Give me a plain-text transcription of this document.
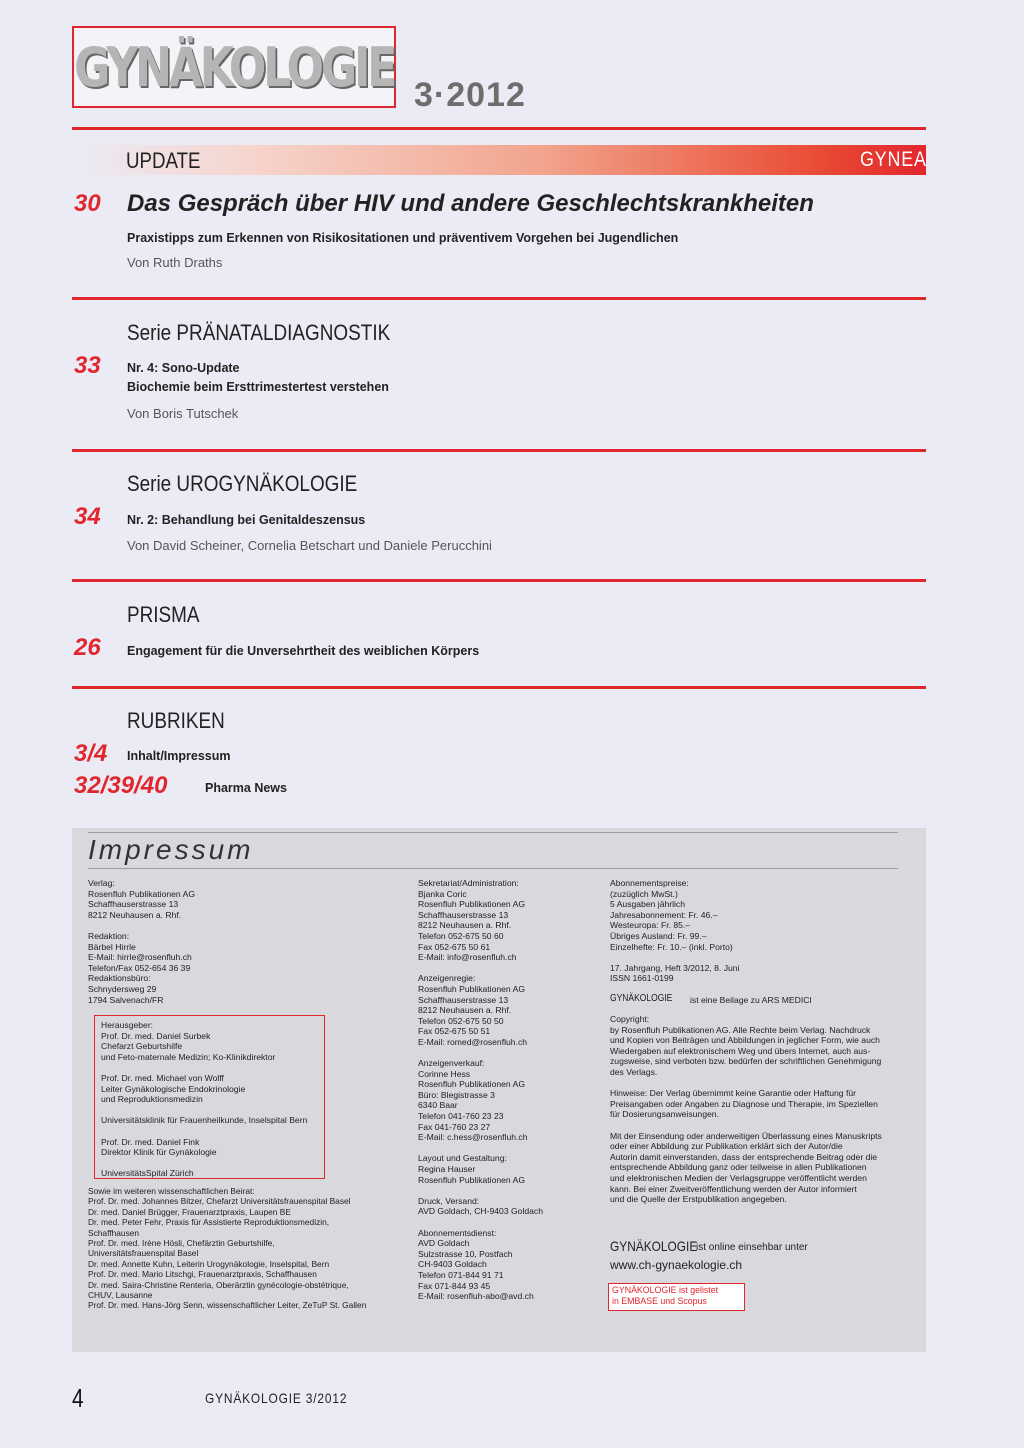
GYNÄKOLOGIE 3·2012
UPDATE	GYNEA
30 Das Gespräch über HIV und andere Geschlechtskrankheiten
Praxistipps zum Erkennen von Risikositationen und präventivem Vorgehen bei Jugendlichen
Von Ruth Draths
Serie PRÄNATALDIAGNOSTIK
33 Nr. 4: Sono-Update
Biochemie beim Ersttrimestertest verstehen
Von Boris Tutschek
Serie UROGYNÄKOLOGIE
34 Nr. 2: Behandlung bei Genitaldeszensus
Von David Scheiner, Cornelia Betschart und Daniele Perucchini
PRISMA
26 Engagement für die Unversehrtheit des weiblichen Körpers
RUBRIKEN
3/4 Inhalt/Impressum
32/39/40	Pharma News
Impressum
Verlag:
Rosenfluh Publikationen AG
Schaffhauserstrasse 13
8212 Neuhausen a. Rhf.

Redaktion:
Bärbel Hirrle
E-Mail: hirrle@rosenfluh.ch
Telefon/Fax 052-654 36 39
Redaktionsbüro:
Schnydersweg 29
1794 Salvenach/FR
Herausgeber:
Prof. Dr. med. Daniel Surbek
Chefarzt Geburtshilfe
und Feto-maternale Medizin; Ko-Klinikdirektor

Prof. Dr. med. Michael von Wolff
Leiter Gynäkologische Endokrinologie
und Reproduktionsmedizin

Universitätsklinik für Frauenheilkunde, Inselspital Bern

Prof. Dr. med. Daniel Fink
Direktor Klinik für Gynäkologie

UniversitätsSpital Zürich
Sowie im weiteren wissenschaftlichen Beirat:
Prof. Dr. med. Johannes Bitzer, Chefarzt Universitätsfrauenspital Basel
Dr. med. Daniel Brügger, Frauenarztpraxis, Laupen BE
Dr. med. Peter Fehr, Praxis für Assistierte Reproduktionsmedizin,
Schaffhausen
Prof. Dr. med. Irène Hösli, Chefärztin Geburtshilfe,
Universitätsfrauenspital Basel
Dr. med. Annette Kuhn, Leiterin Urogynäkologie, Inselspital, Bern
Prof. Dr. med. Mario Litschgi, Frauenarztpraxis, Schaffhausen
Dr. med. Saira-Christine Renteria, Oberärztin gynécologie-obstétrique,
CHUV, Lausanne
Prof. Dr. med. Hans-Jörg Senn, wissenschaftlicher Leiter, ZeTuP St. Gallen
Sekretariat/Administration:
Bjanka Coric
Rosenfluh Publikationen AG
Schaffhauserstrasse 13
8212 Neuhausen a. Rhf.
Telefon 052-675 50 60
Fax 052-675 50 61
E-Mail: info@rosenfluh.ch

Anzeigenregie:
Rosenfluh Publikationen AG
Schaffhauserstrasse 13
8212 Neuhausen a. Rhf.
Telefon 052-675 50 50
Fax 052-675 50 51
E-Mail: romed@rosenfluh.ch

Anzeigenverkauf:
Corinne Hess
Rosenfluh Publikationen AG
Büro: Blegistrasse 3
6340 Baar
Telefon 041-760 23 23
Fax 041-760 23 27
E-Mail: c.hess@rosenfluh.ch

Layout und Gestaltung:
Regina Hauser
Rosenfluh Publikationen AG

Druck, Versand:
AVD Goldach, CH-9403 Goldach

Abonnementsdienst:
AVD Goldach
Sulzstrasse 10, Postfach
CH-9403 Goldach
Telefon 071-844 91 71
Fax 071-844 93 45
E-Mail: rosenfluh-abo@avd.ch
Abonnementspreise:
(zuzüglich MwSt.)
5 Ausgaben jährlich
Jahresabonnement: Fr. 46.–
Westeuropa: Fr. 85.–
Übriges Ausland: Fr. 99.–
Einzelhefte: Fr. 10.– (inkl. Porto)

17. Jahrgang, Heft 3/2012, 8. Juni
ISSN 1661-0199
GYNÄKOLOGIE ist eine Beilage zu ARS MEDICI
Copyright:
by Rosenfluh Publikationen AG. Alle Rechte beim Verlag. Nachdruck
und Kopien von Beiträgen und Abbildungen in jeglicher Form, wie auch
Wiedergaben auf elektronischem Weg und übers Internet, auch aus-
zugsweise, sind verboten bzw. bedürfen der schriftlichen Genehmigung
des Verlags.

Hinweise: Der Verlag übernimmt keine Garantie oder Haftung für
Preisangaben oder Angaben zu Diagnose und Therapie, im Speziellen
für Dosierungsanweisungen.

Mit der Einsendung oder anderweitigen Überlassung eines Manuskripts
oder einer Abbildung zur Publikation erklärt sich der Autor/die
Autorin damit einverstanden, dass der entsprechende Beitrag oder die
entsprechende Abbildung ganz oder teilweise in allen Publikationen
und elektronischen Medien der Verlagsgruppe veröffentlicht werden
kann. Bei einer Zweitveröffentlichung werden der Autor informiert
und die Quelle der Erstpublikation angegeben.
GYNÄKOLOGIE
ist online einsehbar unter
www.ch-gynaekologie.ch
GYNÄKOLOGIE ist gelistet
in EMBASE und Scopus
4	GYNÄKOLOGIE 3/2012
